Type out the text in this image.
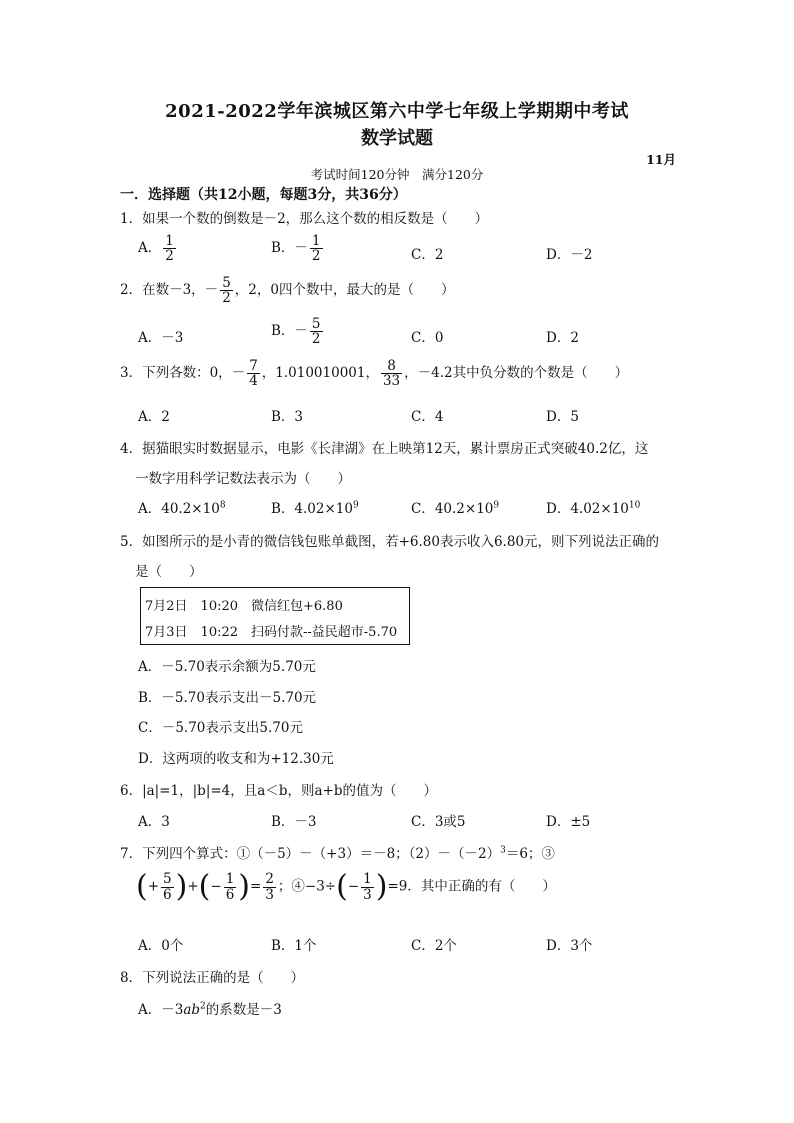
2021-2022学年滨城区第六中学七年级上学期期中考试
数学试题
11月
考试时间120分钟　满分120分
一．选择题（共12小题，每题3分，共36分）
1．如果一个数的倒数是－2，那么这个数的相反数是（　　）
A． $\frac{1}{2}$	B．－ $\frac{1}{2}$	C．2	D．－2
2．在数－3，－ $\frac{5}{2}$ ，2，0四个数中，最大的是（　　）
A．－3	B．－ $\frac{5}{2}$	C．0	D．2
3．下列各数：0，－ $\frac{7}{4}$ ，1.010010001， $\frac{8}{33}$ ，－4.2其中负分数的个数是（　　）
A．2	B．3	C．4	D．5
4．据猫眼实时数据显示，电影《长津湖》在上映第12天，累计票房正式突破40.2亿，这
一数字用科学记数法表示为（　　）
A．$40.2\times 10^8$	B．$4.02\times 10^9$	C．$40.2\times 10^9$	D．$4.02\times 10^{10}$
5．如图所示的是小青的微信钱包账单截图，若+6.80表示收入6.80元，则下列说法正确的
是（　　）
7月2日　10:20　微信红包+6.80
7月3日　10:22　扫码付款--益民超市-5.70
A．－5.70表示余额为5.70元
B．－5.70表示支出－5.70元
C．－5.70表示支出5.70元
D．这两项的收支和为+12.30元
6．|a|=1，|b|=4，且a＜b，则a+b的值为（　　）
A．3	B．－3	C．3或5	D．±5
7．下列四个算式：①（－5）－（+3）＝－8；$(2)-(-2)^3=6$；③
(+ $\frac{5}{6}$ )+(− $\frac{1}{6}$ )= $\frac{2}{3}$ ；④−3÷(− $\frac{1}{3} )=9$．其中正确的有（　　）
A．0个	B．1个	C．2个	D．3个
8．下列说法正确的是（　　）
A．$-3ab^2$的系数是－3
